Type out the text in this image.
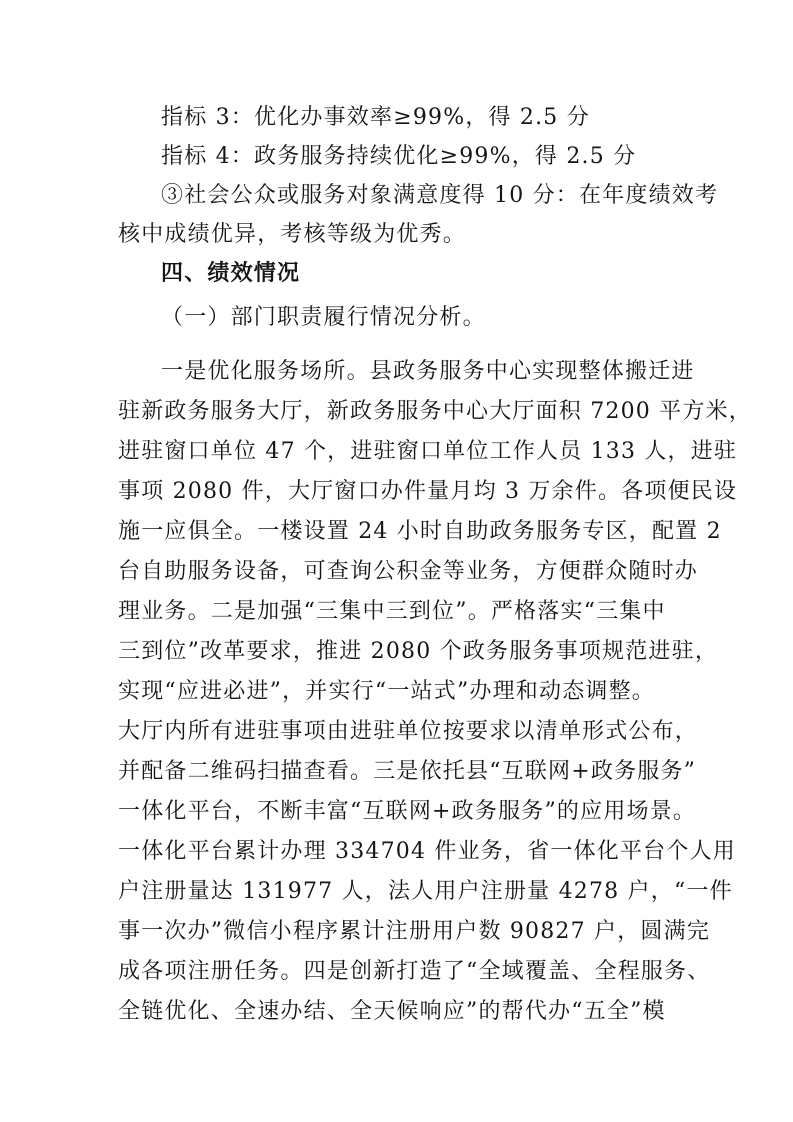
指标 3：优化办事效率≥99%，得 2.5 分
指标 4：政务服务持续优化≥99%，得 2.5 分
③社会公众或服务对象满意度得 10 分：在年度绩效考
核中成绩优异，考核等级为优秀。
四、绩效情况
（一）部门职责履行情况分析。
一是优化服务场所。县政务服务中心实现整体搬迁进
驻新政务服务大厅，新政务服务中心大厅面积 7200 平方米，
进驻窗口单位 47 个，进驻窗口单位工作人员 133 人，进驻
事项 2080 件，大厅窗口办件量月均 3 万余件。各项便民设
施一应俱全。一楼设置 24 小时自助政务服务专区，配置 2
台自助服务设备，可查询公积金等业务，方便群众随时办
理业务。二是加强“三集中三到位”。严格落实“三集中
三到位”改革要求，推进 2080 个政务服务事项规范进驻，
实现“应进必进”，并实行“一站式”办理和动态调整。
大厅内所有进驻事项由进驻单位按要求以清单形式公布，
并配备二维码扫描查看。三是依托县“互联网+政务服务”
一体化平台，不断丰富“互联网+政务服务”的应用场景。
一体化平台累计办理 334704 件业务，省一体化平台个人用
户注册量达 131977 人，法人用户注册量 4278 户，“一件
事一次办”微信小程序累计注册用户数 90827 户，圆满完
成各项注册任务。四是创新打造了“全域覆盖、全程服务、
全链优化、全速办结、全天候响应”的帮代办“五全”模
